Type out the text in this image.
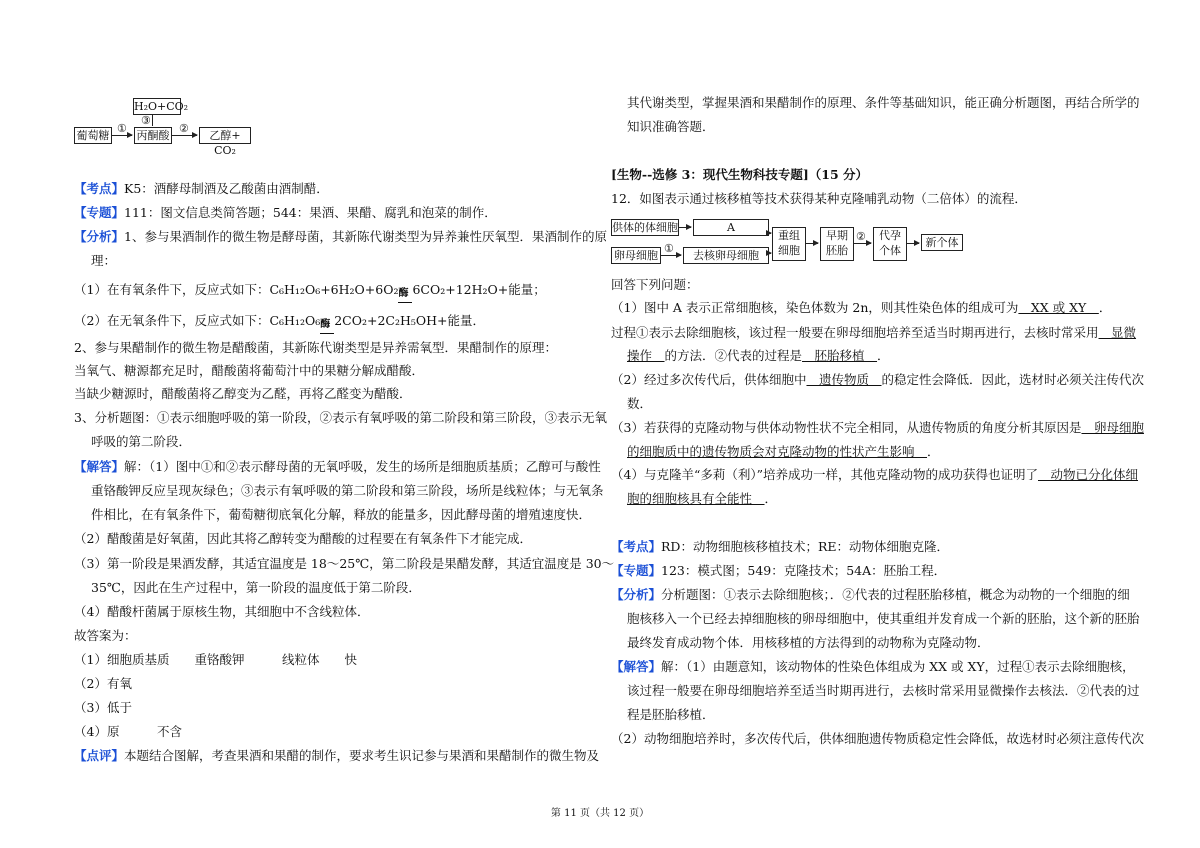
H₂O+CO₂
葡萄糖 丙酮酸	乙醇+ CO₂
①
③
②
【考点】K5：酒酵母制酒及乙酸菌由酒制醋．
【专题】111：图文信息类简答题；544：果酒、果醋、腐乳和泡菜的制作．
【分析】1、参与果酒制作的微生物是酵母菌，其新陈代谢类型为异养兼性厌氧型．果酒制作的原
理：
（1）在有氧条件下，反应式如下：C₆H₁₂O₆+6H₂O+6O₂ 酶 6CO₂+12H₂O+能量；
（2）在无氧条件下，反应式如下：C₆H₁₂O₆ 酶 2CO₂+2C₂H₅OH+能量．
2、参与果醋制作的微生物是醋酸菌，其新陈代谢类型是异养需氧型．果醋制作的原理：
当氧气、糖源都充足时，醋酸菌将葡萄汁中的果糖分解成醋酸．
当缺少糖源时，醋酸菌将乙醇变为乙醛，再将乙醛变为醋酸．
3、分析题图：①表示细胞呼吸的第一阶段，②表示有氧呼吸的第二阶段和第三阶段，③表示无氧
呼吸的第二阶段．
【解答】解：（1）图中①和②表示酵母菌的无氧呼吸，发生的场所是细胞质基质；乙醇可与酸性
重铬酸钾反应呈现灰绿色；③表示有氧呼吸的第二阶段和第三阶段，场所是线粒体；与无氧条
件相比，在有氧条件下，葡萄糖彻底氧化分解，释放的能量多，因此酵母菌的增殖速度快．
（2）醋酸菌是好氧菌，因此其将乙醇转变为醋酸的过程要在有氧条件下才能完成．
（3）第一阶段是果酒发酵，其适宜温度是 18～25℃，第二阶段是果醋发酵，其适宜温度是 30～
35℃，因此在生产过程中，第一阶段的温度低于第二阶段．
（4）醋酸杆菌属于原核生物，其细胞中不含线粒体．
故答案为：
（1）细胞质基质　　重铬酸钾　　　线粒体　　快
（2）有氧
（3）低于
（4）原　　　不含
【点评】本题结合图解，考查果酒和果醋的制作，要求考生识记参与果酒和果醋制作的微生物及
其代谢类型，掌握果酒和果醋制作的原理、条件等基础知识，能正确分析题图，再结合所学的
知识准确答题．
[生物--选修 3：现代生物科技专题]（15 分）
12．如图表示通过核移植等技术获得某种克隆哺乳动物（二倍体）的流程．
供体的体细胞	A
卵母细胞	去核卵母细胞
重组
细胞
早期
胚胎
代孕
个体
新个体
①
②
回答下列问题：
（1）图中 A 表示正常细胞核，染色体数为 2n，则其性染色体的组成可为　XX 或 XY　．
过程①表示去除细胞核，该过程一般要在卵母细胞培养至适当时期再进行，去核时常采用　显微
操作　的方法．②代表的过程是　胚胎移植　．
（2）经过多次传代后，供体细胞中　遗传物质　的稳定性会降低．因此，选材时必须关注传代次
数．
（3）若获得的克隆动物与供体动物性状不完全相同，从遗传物质的角度分析其原因是　卵母细胞
的细胞质中的遗传物质会对克隆动物的性状产生影响　．
（4）与克隆羊“多莉（利）”培养成功一样，其他克隆动物的成功获得也证明了　动物已分化体细
胞的细胞核具有全能性　．
【考点】RD：动物细胞核移植技术；RE：动物体细胞克隆．
【专题】123：模式图；549：克隆技术；54A：胚胎工程．
【分析】分析题图：①表示去除细胞核；．②代表的过程胚胎移植，概念为动物的一个细胞的细
胞核移入一个已经去掉细胞核的卵母细胞中，使其重组并发育成一个新的胚胎，这个新的胚胎
最终发育成动物个体．用核移植的方法得到的动物称为克隆动物．
【解答】解：（1）由题意知，该动物体的性染色体组成为 XX 或 XY，过程①表示去除细胞核，
该过程一般要在卵母细胞培养至适当时期再进行，去核时常采用显微操作去核法．②代表的过
程是胚胎移植．
（2）动物细胞培养时，多次传代后，供体细胞遗传物质稳定性会降低，故选材时必须注意传代次
第 11 页（共 12 页）
